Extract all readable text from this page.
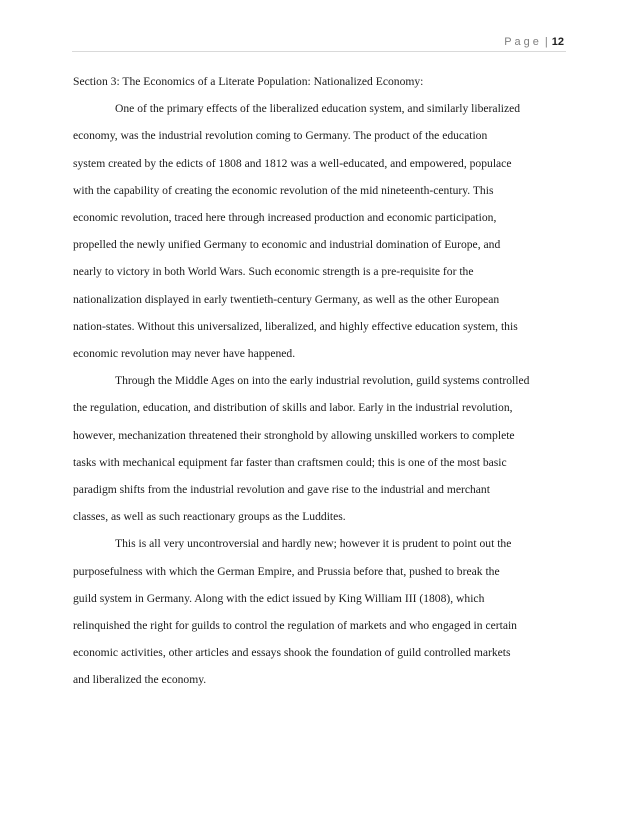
Page | 12

Section 3: The Economics of a Literate Population: Nationalized Economy:

One of the primary effects of the liberalized education system, and similarly liberalized
economy, was the industrial revolution coming to Germany. The product of the education
system created by the edicts of 1808 and 1812 was a well-educated, and empowered, populace
with the capability of creating the economic revolution of the mid nineteenth-century. This
economic revolution, traced here through increased production and economic participation,
propelled the newly unified Germany to economic and industrial domination of Europe, and
nearly to victory in both World Wars. Such economic strength is a pre-requisite for the
nationalization displayed in early twentieth-century Germany, as well as the other European
nation-states. Without this universalized, liberalized, and highly effective education system, this
economic revolution may never have happened.

Through the Middle Ages on into the early industrial revolution, guild systems controlled
the regulation, education, and distribution of skills and labor. Early in the industrial revolution,
however, mechanization threatened their stronghold by allowing unskilled workers to complete
tasks with mechanical equipment far faster than craftsmen could; this is one of the most basic
paradigm shifts from the industrial revolution and gave rise to the industrial and merchant
classes, as well as such reactionary groups as the Luddites.

This is all very uncontroversial and hardly new; however it is prudent to point out the
purposefulness with which the German Empire, and Prussia before that, pushed to break the
guild system in Germany. Along with the edict issued by King William III (1808), which
relinquished the right for guilds to control the regulation of markets and who engaged in certain
economic activities, other articles and essays shook the foundation of guild controlled markets
and liberalized the economy.
